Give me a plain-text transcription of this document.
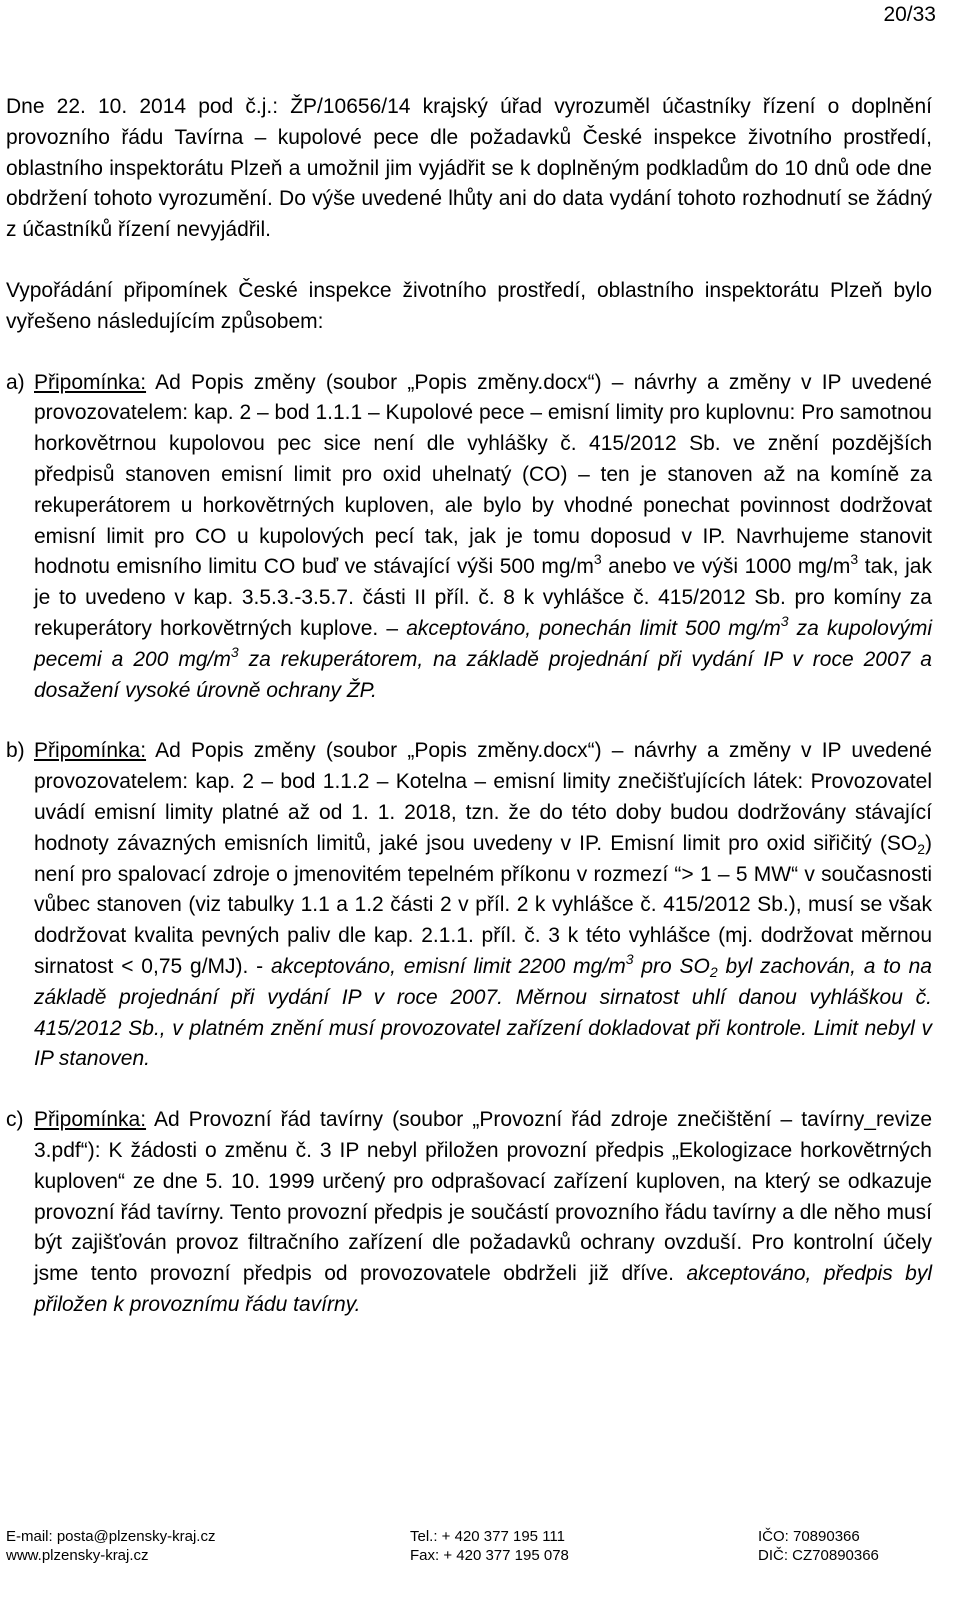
20/33

Dne 22. 10. 2014 pod č.j.: ŽP/10656/14 krajský úřad vyrozuměl účastníky řízení o doplnění provozního řádu Tavírna – kupolové pece dle požadavků České inspekce životního prostředí, oblastního inspektorátu Plzeň a umožnil jim vyjádřit se k doplněným podkladům do 10 dnů ode dne obdržení tohoto vyrozumění. Do výše uvedené lhůty ani do data vydání tohoto rozhodnutí se žádný z účastníků řízení nevyjádřil.

Vypořádání připomínek České inspekce životního prostředí, oblastního inspektorátu Plzeň bylo vyřešeno následujícím způsobem:

a) Připomínka: Ad Popis změny (soubor „Popis změny.docx“) – návrhy a změny v IP uvedené provozovatelem: kap. 2 – bod 1.1.1 – Kupolové pece – emisní limity pro kuplovnu: Pro samotnou horkovětrnou kupolovou pec sice není dle vyhlášky č. 415/2012 Sb. ve znění pozdějších předpisů stanoven emisní limit pro oxid uhelnatý (CO) – ten je stanoven až na komíně za rekuperátorem u horkovětrných kuploven, ale bylo by vhodné ponechat povinnost dodržovat emisní limit pro CO u kupolových pecí tak, jak je tomu doposud v IP. Navrhujeme stanovit hodnotu emisního limitu CO buď ve stávající výši 500 $mg/m^3$ anebo ve výši 1000 $mg/m^3$ tak, jak je to uvedeno v kap. 3.5.3.-3.5.7. části II příl. č. 8 k vyhlášce č. 415/2012 Sb. pro komíny za rekuperátory horkovětrných kuplove. – akceptováno, ponechán limit 500 $mg/m^3$ za kupolovými pecemi a 200 $mg/m^3$ za rekuperátorem, na základě projednání při vydání IP v roce 2007 a dosažení vysoké úrovně ochrany ŽP.
b) Připomínka: Ad Popis změny (soubor „Popis změny.docx“) – návrhy a změny v IP uvedené provozovatelem: kap. 2 – bod 1.1.2 – Kotelna – emisní limity znečišťujících látek: Provozovatel uvádí emisní limity platné až od 1. 1. 2018, tzn. že do této doby budou dodržovány stávající hodnoty závazných emisních limitů, jaké jsou uvedeny v IP. Emisní limit pro oxid siřičitý $(SO_2)$ není pro spalovací zdroje o jmenovitém tepelném příkonu v rozmezí “> 1 – 5 MW“ v současnosti vůbec stanoven (viz tabulky 1.1 a 1.2 části 2 v příl. 2 k vyhlášce č. 415/2012 Sb.), musí se však dodržovat kvalita pevných paliv dle kap. 2.1.1. příl. č. 3 k této vyhlášce (mj. dodržovat měrnou sirnatost < 0,75 g/MJ). - akceptováno, emisní limit 2200 $mg/m^3$ pro $SO_2$ byl zachován, a to na základě projednání při vydání IP v roce 2007. Měrnou sirnatost uhlí danou vyhláškou č. 415/2012 Sb., v platném znění musí provozovatel zařízení dokladovat při kontrole. Limit nebyl v IP stanoven.
c) Připomínka: Ad Provozní řád tavírny (soubor „Provozní řád zdroje znečištění – tavírny_revize 3.pdf“): K žádosti o změnu č. 3 IP nebyl přiložen provozní předpis „Ekologizace horkovětrných kuploven“ ze dne 5. 10. 1999 určený pro odprašovací zařízení kuploven, na který se odkazuje provozní řád tavírny. Tento provozní předpis je součástí provozního řádu tavírny a dle něho musí být zajišťován provoz filtračního zařízení dle požadavků ochrany ovzduší. Pro kontrolní účely jsme tento provozní předpis od provozovatele obdrželi již dříve. akceptováno, předpis byl přiložen k provoznímu řádu tavírny.
E-mail: posta@plzensky-kraj.cz
www.plzensky-kraj.cz
Tel.: + 420 377 195 111
Fax: + 420 377 195 078
IČO: 70890366
DIČ: CZ70890366
